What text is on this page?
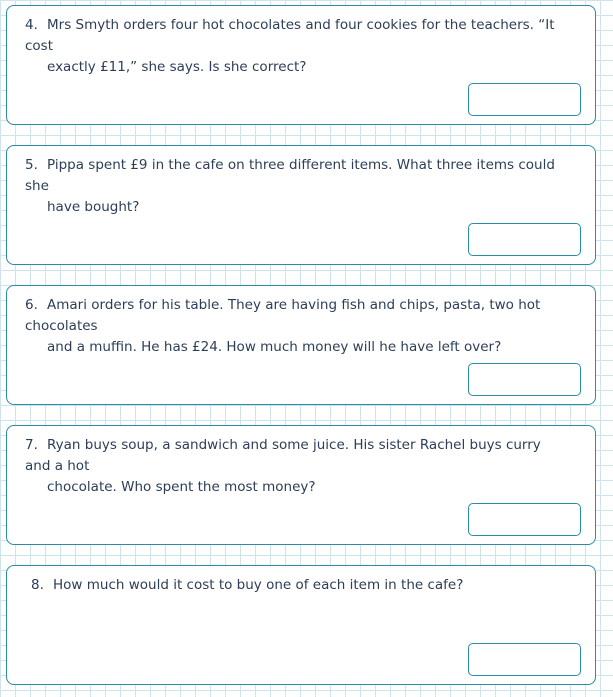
4. Mrs Smyth orders four hot chocolates and four cookies for the teachers. “It cost
exactly £11,” she says. Is she correct?

5. Pippa spent £9 in the cafe on three different items. What three items could she
have bought?

6. Amari orders for his table. They are having fish and chips, pasta, two hot chocolates
and a muffin. He has £24. How much money will he have left over?

7. Ryan buys soup, a sandwich and some juice. His sister Rachel buys curry and a hot
chocolate. Who spent the most money?

8. How much would it cost to buy one of each item in the cafe?
